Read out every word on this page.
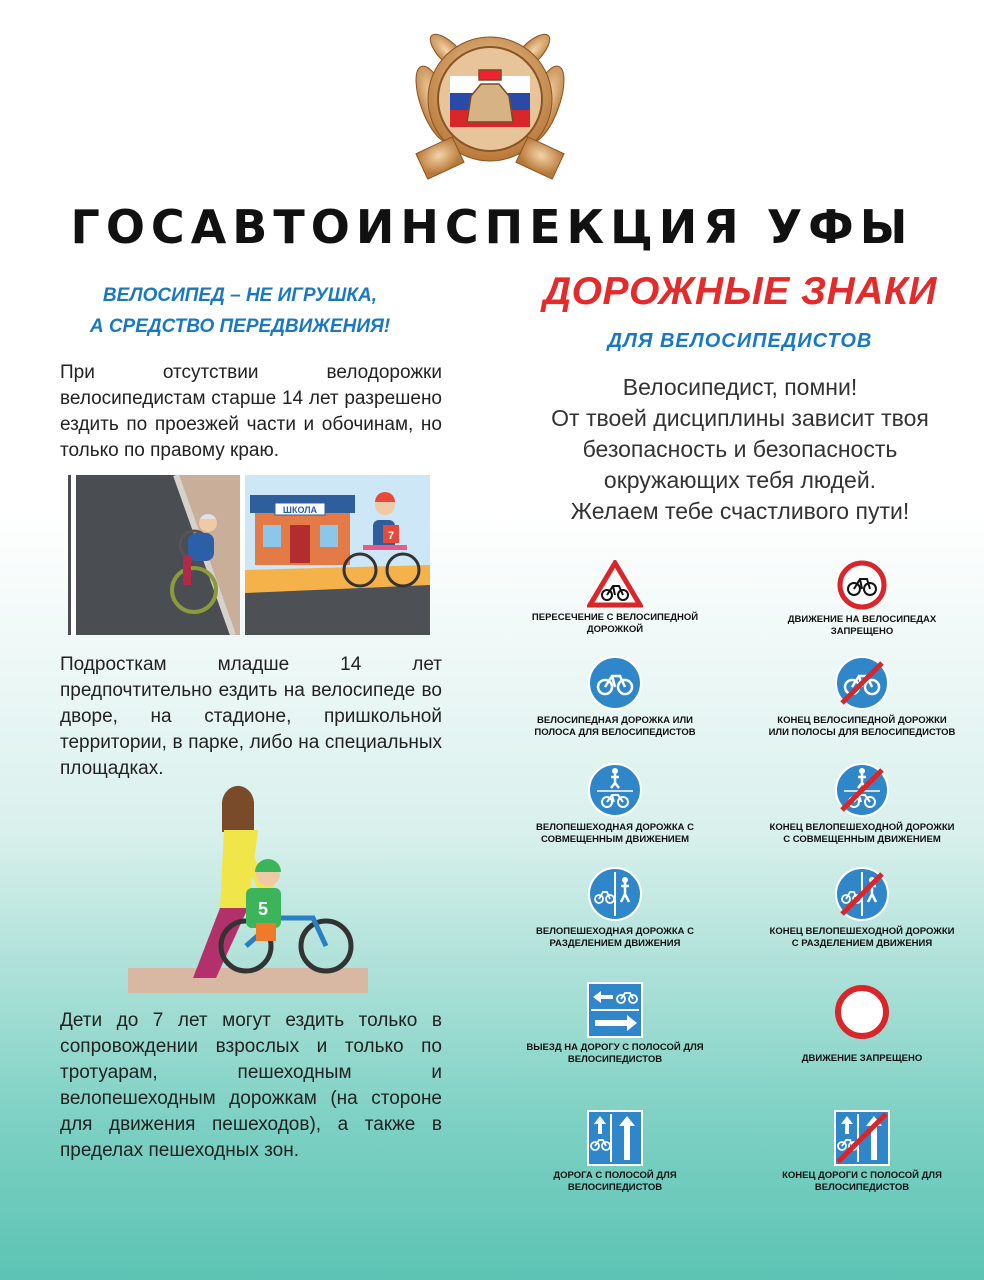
ГОСАВТОИНСПЕКЦИЯ УФЫ
ВЕЛОСИПЕД – НЕ ИГРУШКА,
А СРЕДСТВО ПЕРЕДВИЖЕНИЯ!
При отсутствии велодорожки велосипедистам старше 14 лет разрешено ездить по проезжей части и обочинам, но только по правому краю.
ШКОЛА
7
Подросткам младше 14 лет предпочтительно ездить на велосипеде во дворе, на стадионе, пришкольной территории, в парке, либо на специальных площадках.
5
Дети до 7 лет могут ездить только в сопровождении взрослых и только по тротуарам, пешеходным и велопешеходным дорожкам (на стороне для движения пешеходов), а также в пределах пешеходных зон.
ДОРОЖНЫЕ ЗНАКИ
ДЛЯ ВЕЛОСИПЕДИСТОВ
Велосипедист, помни!
От твоей дисциплины зависит твоя
безопасность и безопасность
окружающих тебя людей.
Желаем тебе счастливого пути!
ПЕРЕСЕЧЕНИЕ С ВЕЛОСИПЕДНОЙ ДОРОЖКОЙ
ДВИЖЕНИЕ НА ВЕЛОСИПЕДАХ ЗАПРЕЩЕНО
ВЕЛОСИПЕДНАЯ ДОРОЖКА ИЛИ ПОЛОСА ДЛЯ ВЕЛОСИПЕДИСТОВ
КОНЕЦ ВЕЛОСИПЕДНОЙ ДОРОЖКИ ИЛИ ПОЛОСЫ ДЛЯ ВЕЛОСИПЕДИСТОВ
ВЕЛОПЕШЕХОДНАЯ ДОРОЖКА С СОВМЕЩЕННЫМ ДВИЖЕНИЕМ
КОНЕЦ ВЕЛОПЕШЕХОДНОЙ ДОРОЖКИ С СОВМЕЩЕННЫМ ДВИЖЕНИЕМ
ВЕЛОПЕШЕХОДНАЯ ДОРОЖКА С РАЗДЕЛЕНИЕМ ДВИЖЕНИЯ
КОНЕЦ ВЕЛОПЕШЕХОДНОЙ ДОРОЖКИ С РАЗДЕЛЕНИЕМ ДВИЖЕНИЯ
ВЫЕЗД НА ДОРОГУ С ПОЛОСОЙ ДЛЯ ВЕЛОСИПЕДИСТОВ	ДВИЖЕНИЕ ЗАПРЕЩЕНО
ДОРОГА С ПОЛОСОЙ ДЛЯ ВЕЛОСИПЕДИСТОВ
КОНЕЦ ДОРОГИ С ПОЛОСОЙ ДЛЯ ВЕЛОСИПЕДИСТОВ
